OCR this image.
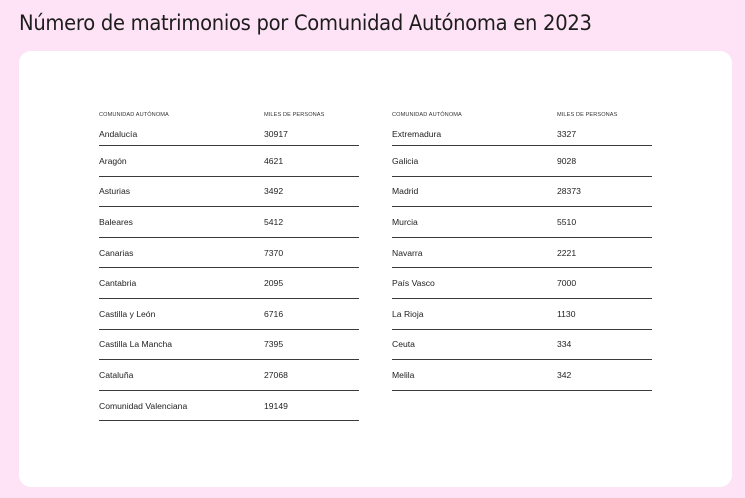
Número de matrimonios por Comunidad Autónoma en 2023
COMUNIDAD AUTÓNOMA	MILES DE PERSONAS
Andalucía	30917
Aragón	4621
Asturias	3492
Baleares	5412
Canarias	7370
Cantabria	2095
Castilla y León	6716
Castilla La Mancha	7395
Cataluña	27068
Comunidad Valenciana	19149
COMUNIDAD AUTÓNOMA	MILES DE PERSONAS
Extremadura	3327
Galicia	9028
Madrid	28373
Murcia	5510
Navarra	2221
País Vasco	7000
La Rioja	1130
Ceuta	334
Melila	342
